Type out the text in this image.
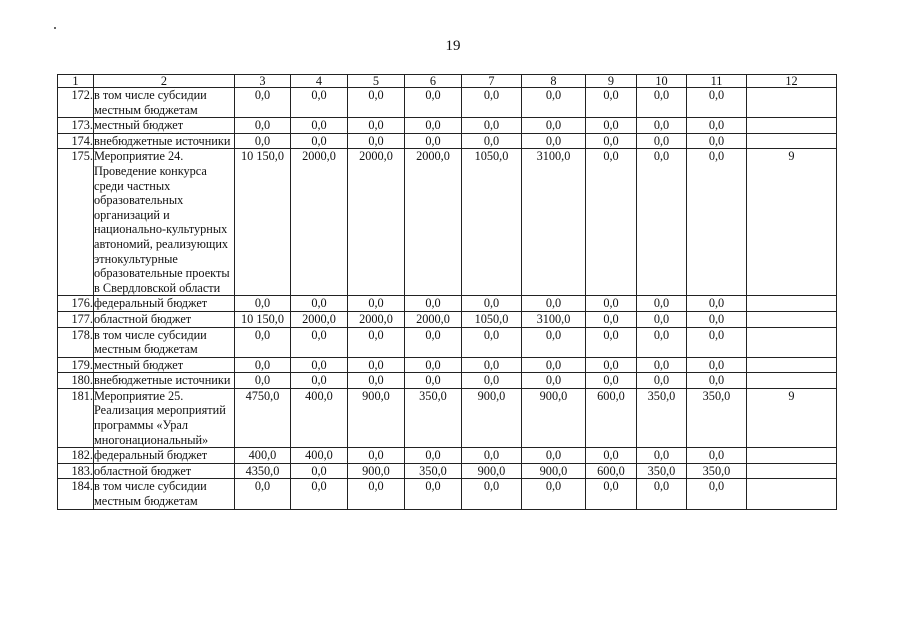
19
1	2	3	4	5	6	7	8	9	10	11	12
172.	в том числе субсидии местным бюджетам	0,0	0,0	0,0	0,0	0,0	0,0	0,0	0,0	0,0	
173.	местный бюджет	0,0	0,0	0,0	0,0	0,0	0,0	0,0	0,0	0,0	
174.	внебюджетные источники	0,0	0,0	0,0	0,0	0,0	0,0	0,0	0,0	0,0	
175.	Мероприятие 24. Проведение конкурса среди частных образовательных организаций и национально-культурных автономий, реализующих этнокультурные образовательные проекты в Свердловской области	10 150,0	2000,0	2000,0	2000,0	1050,0	3100,0	0,0	0,0	0,0	9
176.	федеральный бюджет	0,0	0,0	0,0	0,0	0,0	0,0	0,0	0,0	0,0	
177.	областной бюджет	10 150,0	2000,0	2000,0	2000,0	1050,0	3100,0	0,0	0,0	0,0	
178.	в том числе субсидии местным бюджетам	0,0	0,0	0,0	0,0	0,0	0,0	0,0	0,0	0,0	
179.	местный бюджет	0,0	0,0	0,0	0,0	0,0	0,0	0,0	0,0	0,0	
180.	внебюджетные источники	0,0	0,0	0,0	0,0	0,0	0,0	0,0	0,0	0,0	
181.	Мероприятие 25. Реализация мероприятий программы «Урал многонациональный»	4750,0	400,0	900,0	350,0	900,0	900,0	600,0	350,0	350,0	9
182.	федеральный бюджет	400,0	400,0	0,0	0,0	0,0	0,0	0,0	0,0	0,0	
183.	областной бюджет	4350,0	0,0	900,0	350,0	900,0	900,0	600,0	350,0	350,0	
184.	в том числе субсидии местным бюджетам	0,0	0,0	0,0	0,0	0,0	0,0	0,0	0,0	0,0	
